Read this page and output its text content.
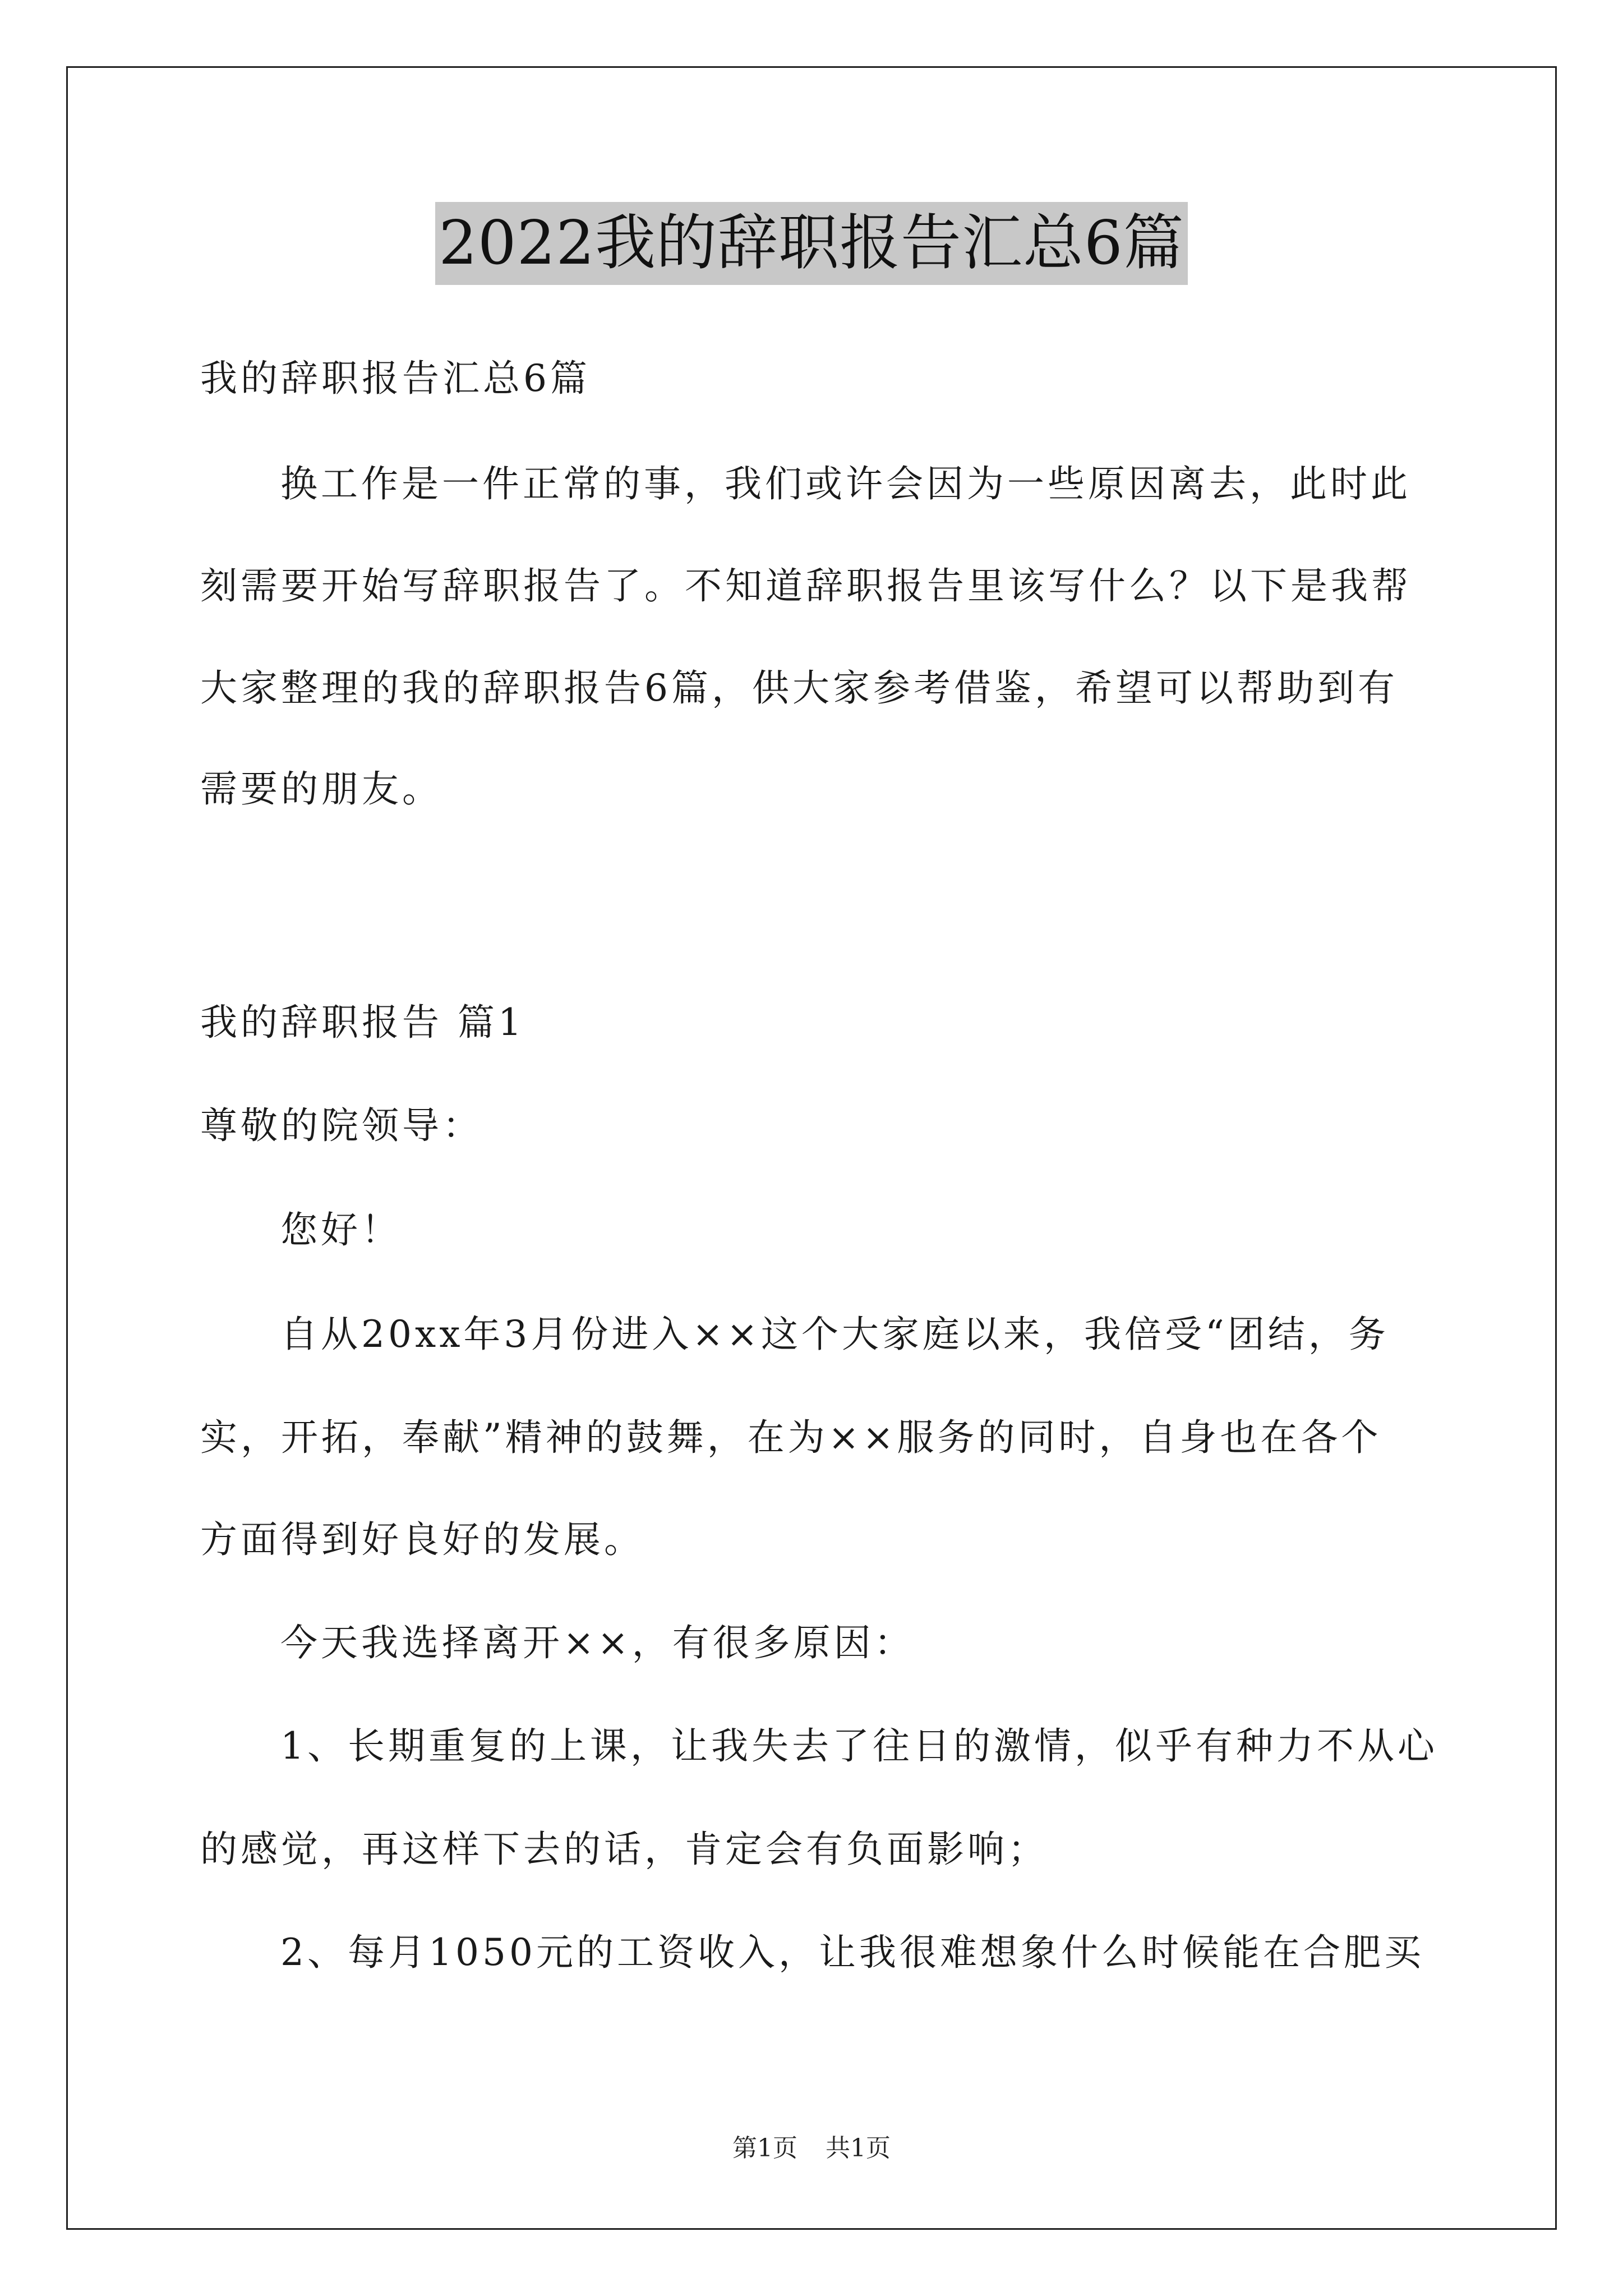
2022我的辞职报告汇总6篇
我的辞职报告汇总6篇
换工作是一件正常的事，我们或许会因为一些原因离去，此时此
刻需要开始写辞职报告了。不知道辞职报告里该写什么？以下是我帮
大家整理的我的辞职报告6篇，供大家参考借鉴，希望可以帮助到有
需要的朋友。
我的辞职报告 篇1
尊敬的院领导：
您好！
自从20xx年3月份进入××这个大家庭以来，我倍受“团结，务
实，开拓，奉献”精神的鼓舞，在为××服务的同时，自身也在各个
方面得到好良好的发展。
今天我选择离开××，有很多原因：
1、长期重复的上课，让我失去了往日的激情，似乎有种力不从心
的感觉，再这样下去的话，肯定会有负面影响；
2、每月1050元的工资收入，让我很难想象什么时候能在合肥买
第1页 共1页
